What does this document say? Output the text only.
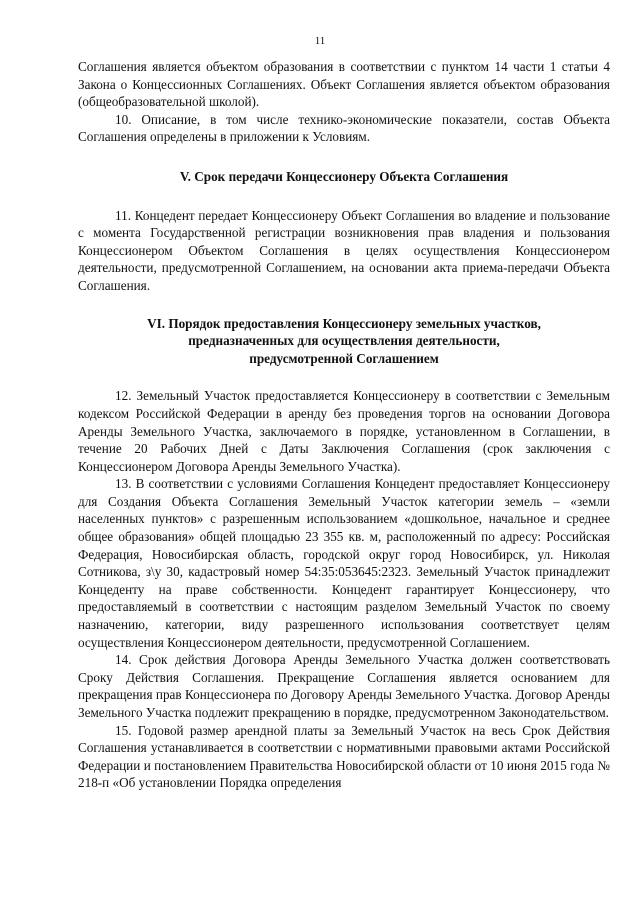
11

Соглашения является объектом образования в соответствии с пунктом 14 части 1 статьи 4 Закона о Концессионных Соглашениях. Объект Соглашения является объектом образования (общеобразовательной школой).

10. Описание, в том числе технико-экономические показатели, состав Объекта Соглашения определены в приложении к Условиям.

V. Срок передачи Концессионеру Объекта Соглашения

11. Концедент передает Концессионеру Объект Соглашения во владение и пользование с момента Государственной регистрации возникновения прав владения и пользования Концессионером Объектом Соглашения в целях осуществления Концессионером деятельности, предусмотренной Соглашением, на основании акта приема-передачи Объекта Соглашения.

VI. Порядок предоставления Концессионеру земельных участков,
предназначенных для осуществления деятельности,
предусмотренной Соглашением

12. Земельный Участок предоставляется Концессионеру в соответствии с Земельным кодексом Российской Федерации в аренду без проведения торгов на основании Договора Аренды Земельного Участка, заключаемого в порядке, установленном в Соглашении, в течение 20 Рабочих Дней с Даты Заключения Соглашения (срок заключения с Концессионером Договора Аренды Земельного Участка).

13. В соответствии с условиями Соглашения Концедент предоставляет Концессионеру для Создания Объекта Соглашения Земельный Участок категории земель – «земли населенных пунктов» с разрешенным использованием «дошкольное, начальное и среднее общее образования» общей площадью 23 355 кв. м, расположенный по адресу: Российская Федерация, Новосибирская область, городской округ город Новосибирск, ул. Николая Сотникова, з\у 30, кадастровый номер 54:35:053645:2323. Земельный Участок принадлежит Концеденту на праве собственности. Концедент гарантирует Концессионеру, что предоставляемый в соответствии с настоящим разделом Земельный Участок по своему назначению, категории, виду разрешенного использования соответствует целям осуществления Концессионером деятельности, предусмотренной Соглашением.

14. Срок действия Договора Аренды Земельного Участка должен соответствовать Сроку Действия Соглашения. Прекращение Соглашения является основанием для прекращения прав Концессионера по Договору Аренды Земельного Участка. Договор Аренды Земельного Участка подлежит прекращению в порядке, предусмотренном Законодательством.

15. Годовой размер арендной платы за Земельный Участок на весь Срок Действия Соглашения устанавливается в соответствии с нормативными правовыми актами Российской Федерации и постановлением Правительства Новосибирской области от 10 июня 2015 года № 218-п «Об установлении Порядка определения
